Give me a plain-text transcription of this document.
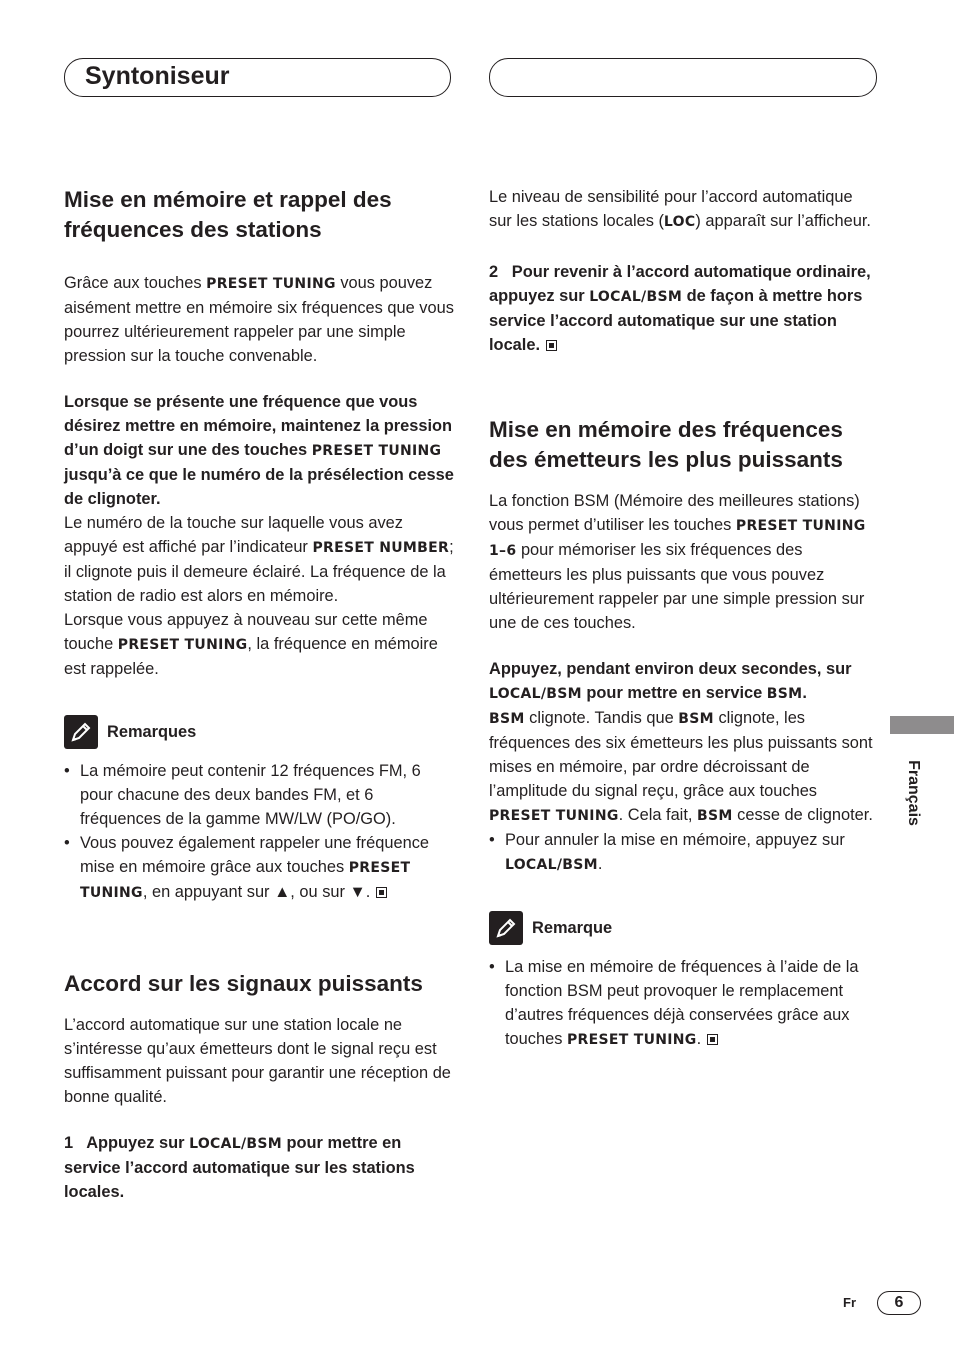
Syntoniseur
Mise en mémoire et rappel des fréquences des stations

Grâce aux touches PRESET TUNING vous pouvez aisément mettre en mémoire six fréquences que vous pourrez ultérieurement rappeler par une simple pression sur la touche convenable.

Lorsque se présente une fréquence que vous désirez mettre en mémoire, maintenez la pression d’un doigt sur une des touches PRESET TUNING jusqu’à ce que le numéro de la présélection cesse de clignoter.

Le numéro de la touche sur laquelle vous avez appuyé est affiché par l’indicateur PRESET NUMBER; il clignote puis il demeure éclairé. La fréquence de la station de radio est alors en mémoire.

Lorsque vous appuyez à nouveau sur cette même touche PRESET TUNING, la fréquence en mémoire est rappelée.

Remarques
• La mémoire peut contenir 12 fréquences FM, 6 pour chacune des deux bandes FM, et 6 fréquences de la gamme MW/LW (PO/GO).
• Vous pouvez également rappeler une fréquence mise en mémoire grâce aux touches PRESET TUNING, en appuyant sur ▲, ou sur ▼.
Accord sur les signaux puissants

L’accord automatique sur une station locale ne s’intéresse qu’aux émetteurs dont le signal reçu est suffisamment puissant pour garantir une réception de bonne qualité.

1 Appuyez sur LOCAL/BSM pour mettre en service l’accord automatique sur les stations locales.

Le niveau de sensibilité pour l’accord automatique sur les stations locales (LOC) apparaît sur l’afficheur.

2 Pour revenir à l’accord automatique ordinaire, appuyez sur LOCAL/BSM de façon à mettre hors service l’accord automatique sur une station locale.

Mise en mémoire des fréquences des émetteurs les plus puissants

La fonction BSM (Mémoire des meilleures stations) vous permet d’utiliser les touches PRESET TUNING 1–6 pour mémoriser les six fréquences des émetteurs les plus puissants que vous pouvez ultérieurement rappeler par une simple pression sur une de ces touches.

Appuyez, pendant environ deux secondes, sur LOCAL/BSM pour mettre en service BSM.

BSM clignote. Tandis que BSM clignote, les fréquences des six émetteurs les plus puissants sont mises en mémoire, par ordre décroissant de l’amplitude du signal reçu, grâce aux touches PRESET TUNING. Cela fait, BSM cesse de clignoter.

• Pour annuler la mise en mémoire, appuyez sur LOCAL/BSM.
Remarque
• La mise en mémoire de fréquences à l’aide de la fonction BSM peut provoquer le remplacement d’autres fréquences déjà conservées grâce aux touches PRESET TUNING.
Français
Fr	6
